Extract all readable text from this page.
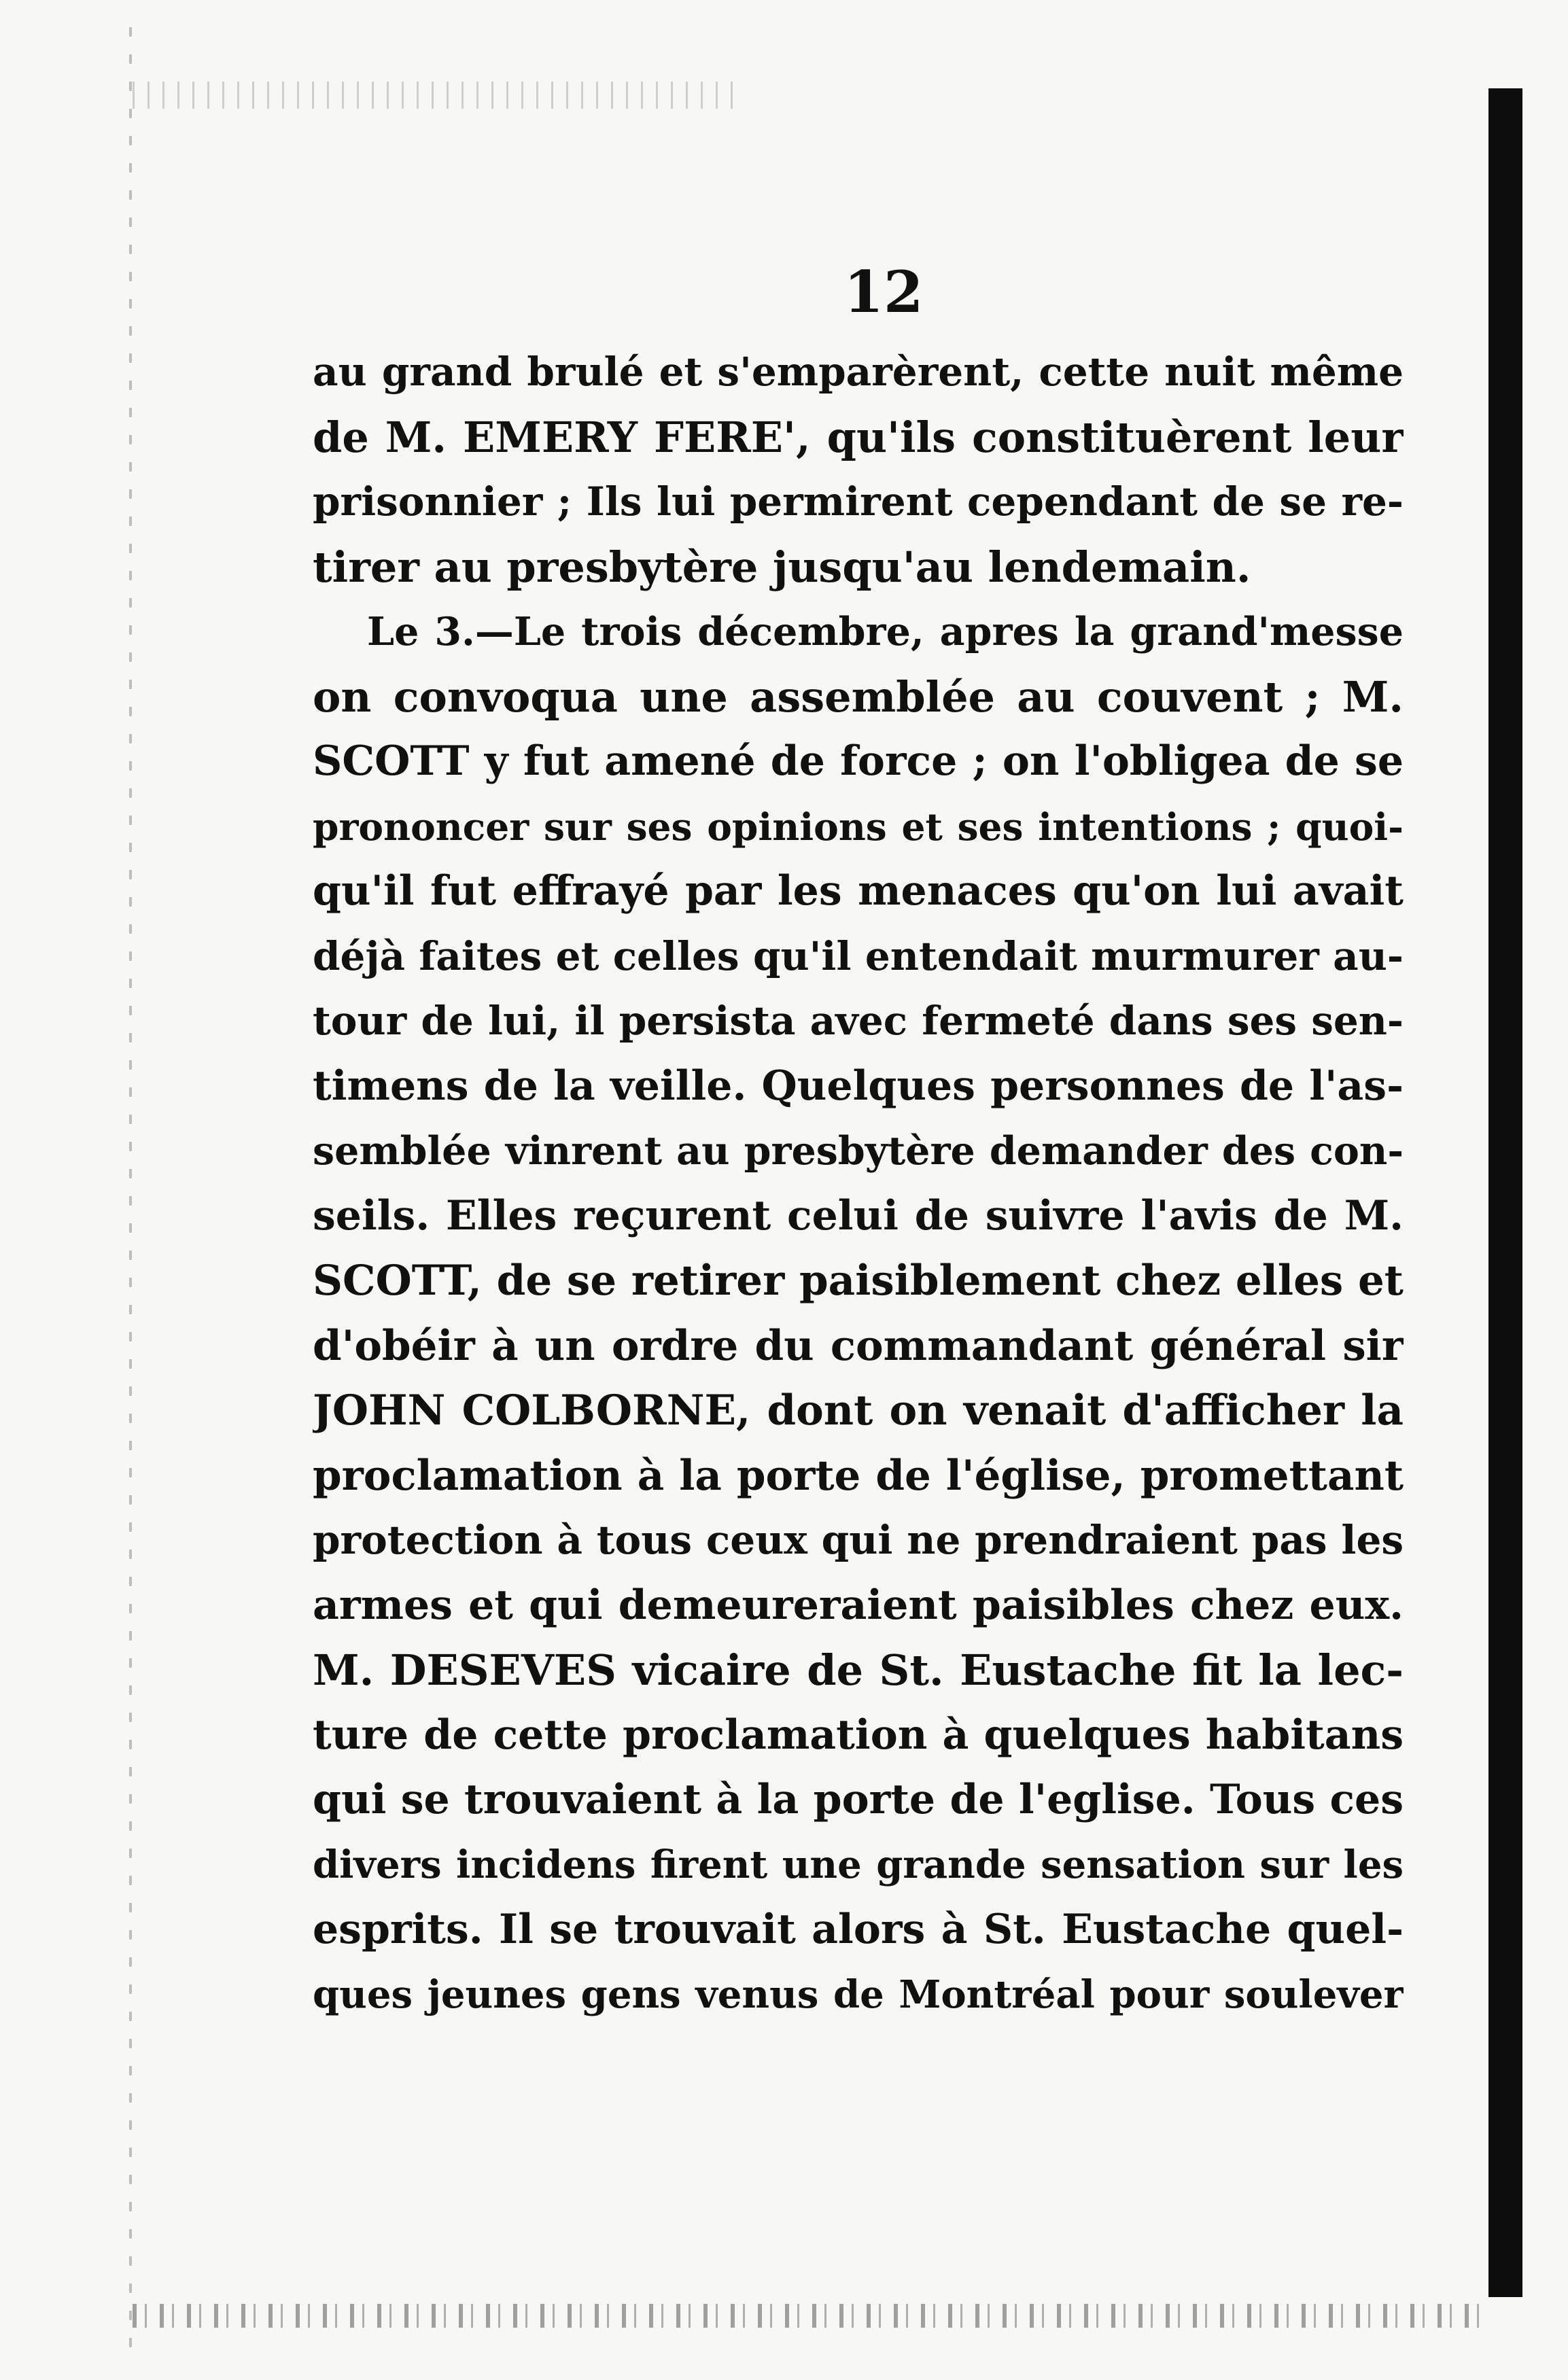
12
au grand brulé et s'emparèrent, cette nuit même
de M. EMERY FERE', qu'ils constituèrent leur
prisonnier ; Ils lui permirent cependant de se re-
tirer au presbytère jusqu'au lendemain.
Le 3.—Le trois décembre, apres la grand'messe
on convoqua une assemblée au couvent ; M.
SCOTT y fut amené de force ; on l'obligea de se
prononcer sur ses opinions et ses intentions ; quoi-
qu'il fut effrayé par les menaces qu'on lui avait
déjà faites et celles qu'il entendait murmurer au-
tour de lui, il persista avec fermeté dans ses sen-
timens de la veille. Quelques personnes de l'as-
semblée vinrent au presbytère demander des con-
seils. Elles reçurent celui de suivre l'avis de M.
SCOTT, de se retirer paisiblement chez elles et
d'obéir à un ordre du commandant général sir
JOHN COLBORNE, dont on venait d'afficher la
proclamation à la porte de l'église, promettant
protection à tous ceux qui ne prendraient pas les
armes et qui demeureraient paisibles chez eux.
M. DESEVES vicaire de St. Eustache fit la lec-
ture de cette proclamation à quelques habitans
qui se trouvaient à la porte de l'eglise. Tous ces
divers incidens firent une grande sensation sur les
esprits. Il se trouvait alors à St. Eustache quel-
ques jeunes gens venus de Montréal pour soulever
